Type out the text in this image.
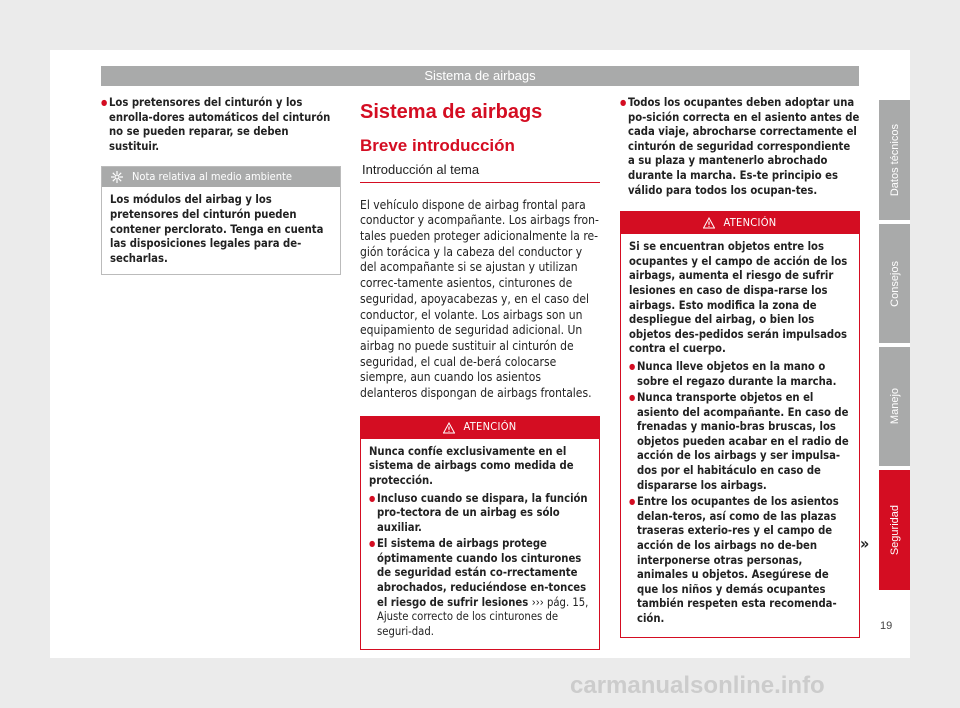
Sistema de airbags
● Los pretensores del cinturón y los enrolla-dores automáticos del cinturón no se pueden reparar, se deben sustituir.
Nota relativa al medio ambiente
Los módulos del airbag y los pretensores del cinturón pueden contener perclorato. Tenga en cuenta las disposiciones legales para de-secharlas.
Sistema de airbags
Breve introducción
Introducción al tema

El vehículo dispone de airbag frontal para conductor y acompañante. Los airbags fron-tales pueden proteger adicionalmente la re-gión torácica y la cabeza del conductor y del acompañante si se ajustan y utilizan correc-tamente asientos, cinturones de seguridad, apoyacabezas y, en el caso del conductor, el volante. Los airbags son un equipamiento de seguridad adicional. Un airbag no puede sustituir al cinturón de seguridad, el cual de-berá colocarse siempre, aun cuando los asientos delanteros dispongan de airbags frontales.

ATENCIÓN

Nunca confíe exclusivamente en el sistema de airbags como medida de protección.

● Incluso cuando se dispara, la función pro-tectora de un airbag es sólo auxiliar.
● El sistema de airbags protege óptimamente cuando los cinturones de seguridad están co-rrectamente abrochados, reduciéndose en-tonces el riesgo de sufrir lesiones ››› pág. 15, Ajuste correcto de los cinturones de seguri-dad.
● Todos los ocupantes deben adoptar una po-sición correcta en el asiento antes de cada viaje, abrocharse correctamente el cinturón de seguridad correspondiente a su plaza y mantenerlo abrochado durante la marcha. Es-te principio es válido para todos los ocupan-tes.
ATENCIÓN

Si se encuentran objetos entre los ocupantes y el campo de acción de los airbags, aumenta el riesgo de sufrir lesiones en caso de dispa-rarse los airbags. Esto modifica la zona de despliegue del airbag, o bien los objetos des-pedidos serán impulsados contra el cuerpo.

● Nunca lleve objetos en la mano o sobre el regazo durante la marcha.
● Nunca transporte objetos en el asiento del acompañante. En caso de frenadas y manio-bras bruscas, los objetos pueden acabar en el radio de acción de los airbags y ser impulsa-dos por el habitáculo en caso de dispararse los airbags.
● Entre los ocupantes de los asientos delan-teros, así como de las plazas traseras exterio-res y el campo de acción de los airbags no de-ben interponerse otras personas, animales u objetos. Asegúrese de que los niños y demás ocupantes también respeten esta recomenda-ción.
»
Datos técnicos
Consejos
Manejo
Seguridad
19
carmanualsonline.info
